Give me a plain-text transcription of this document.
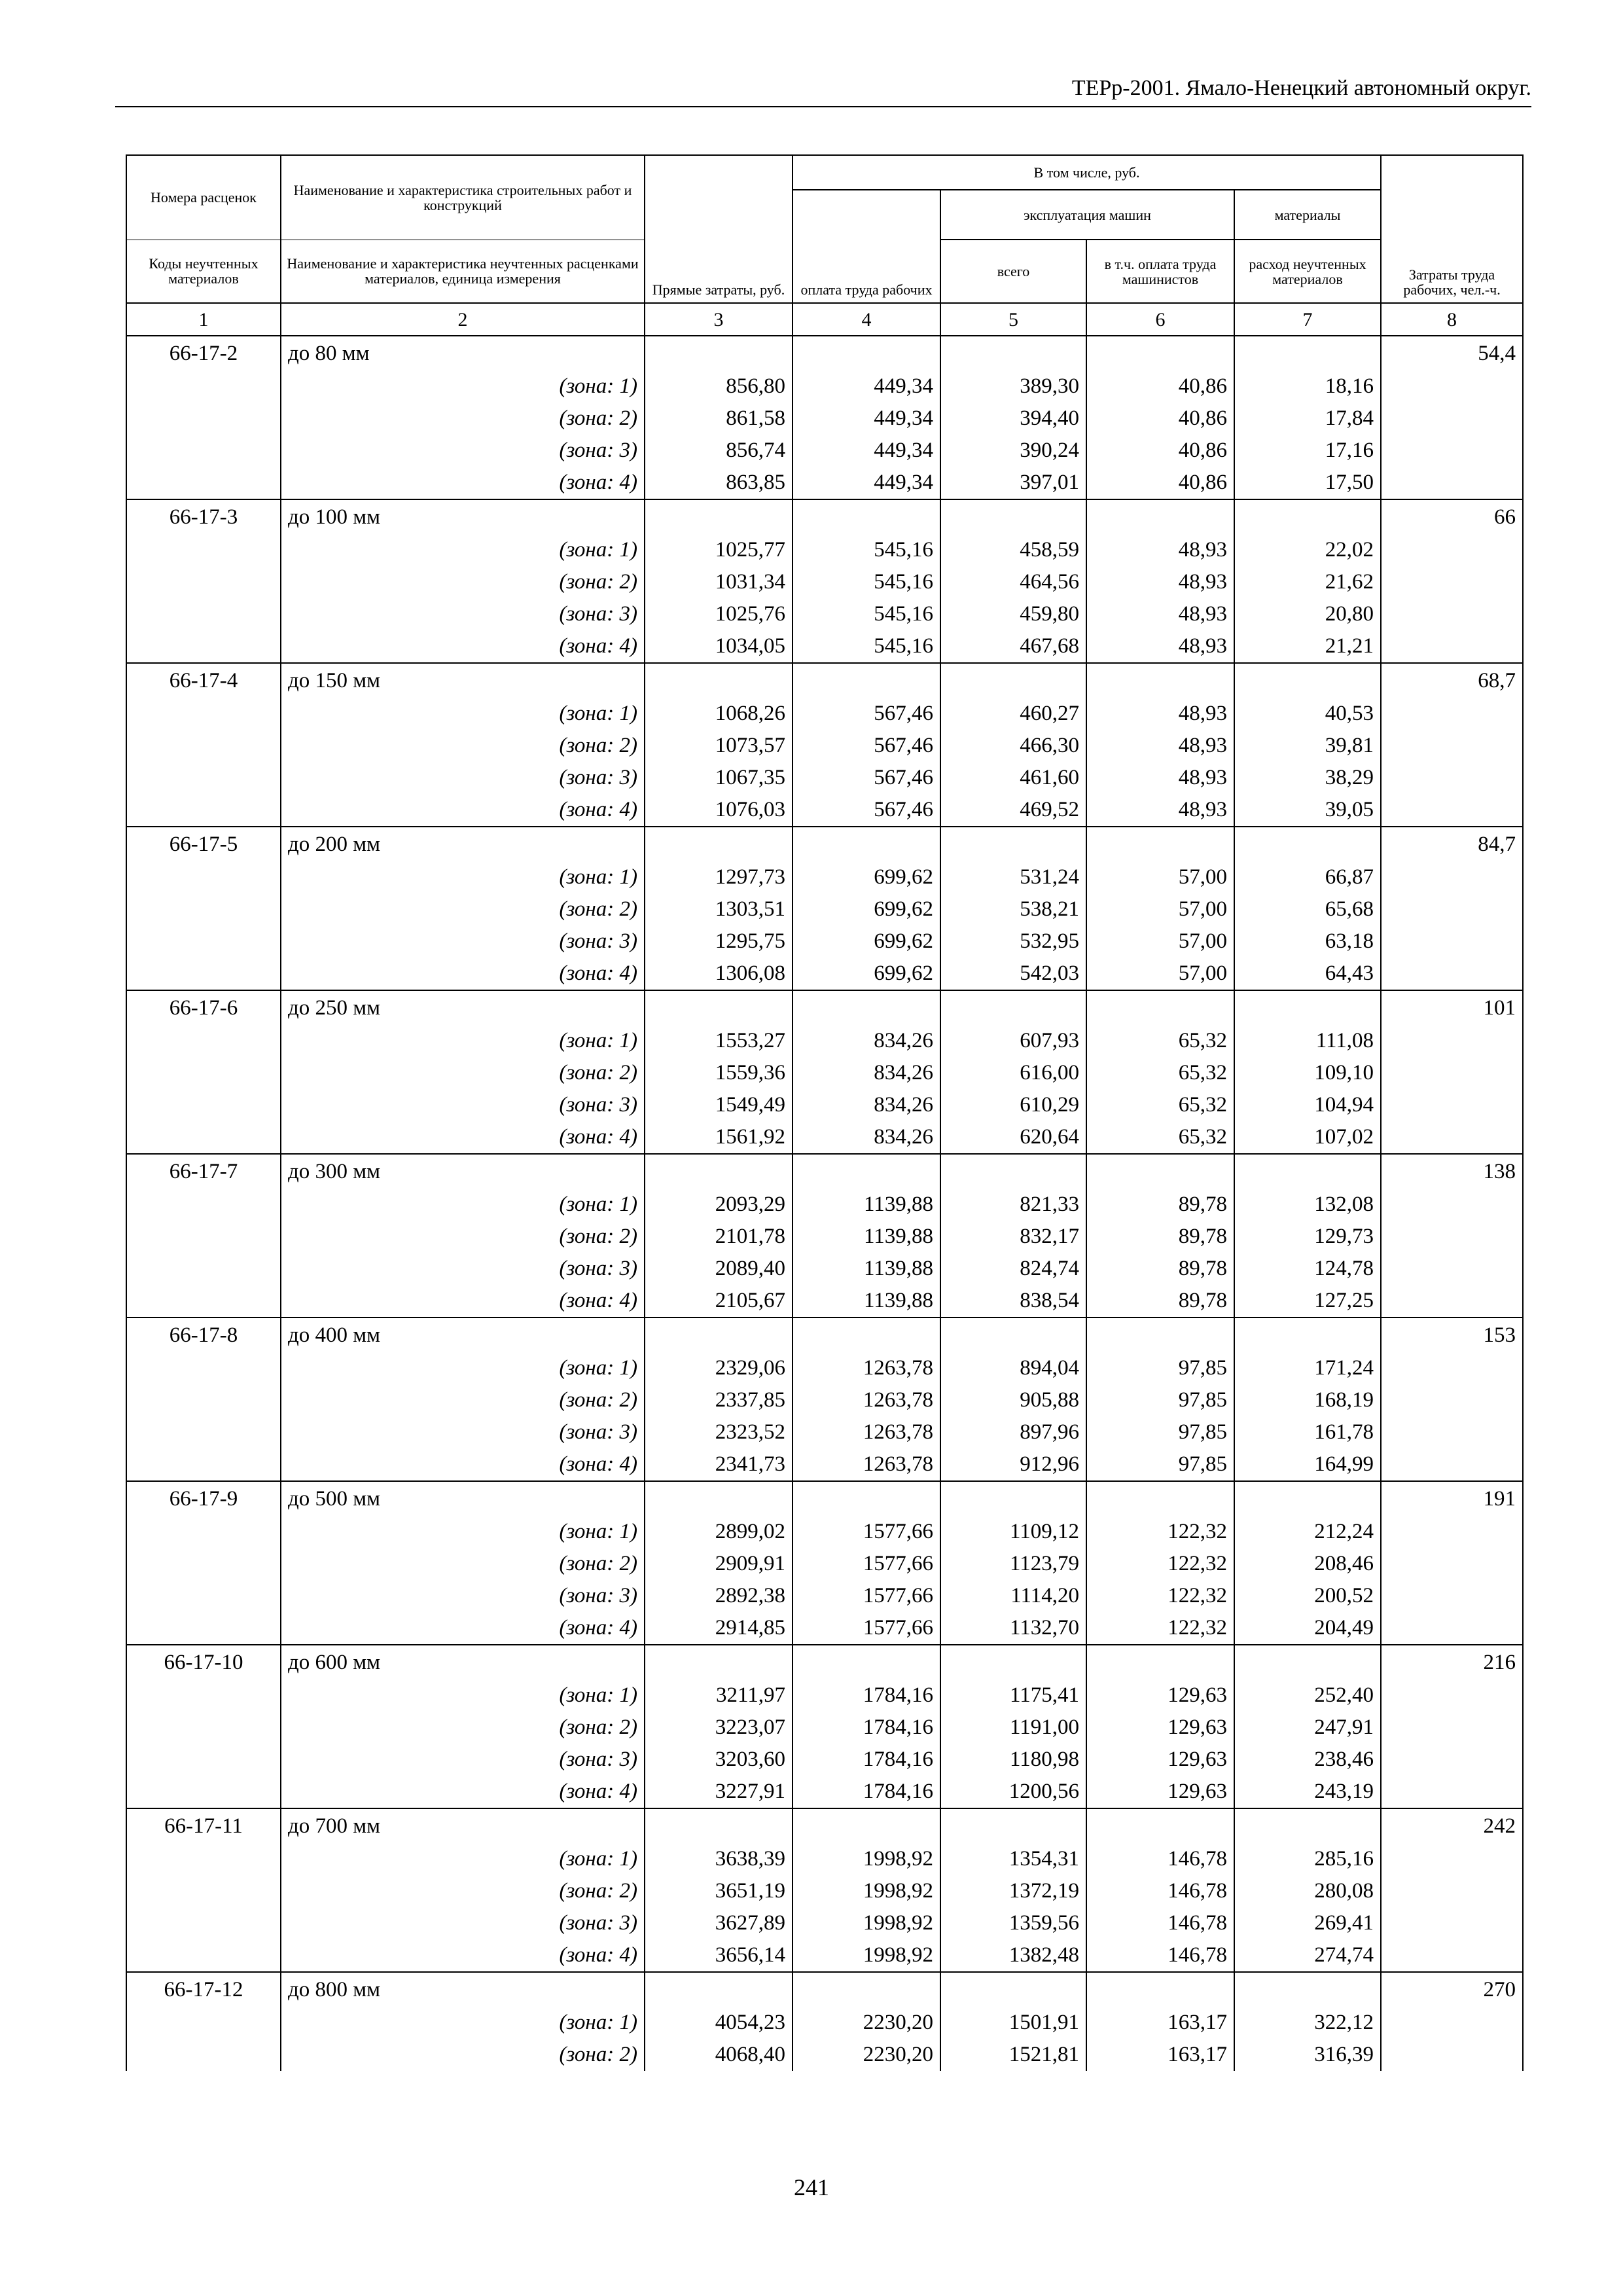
ТЕРр-2001. Ямало-Ненецкий автономный округ.
Номера расценок	Наименование и характеристика строительных работ и конструкций		В том числе, руб.				
				эксплуатация машин		материалы	
Коды неучтенных материалов	Наименование и характеристика неучтенных расценками материалов, единица измерения	Прямые затраты, руб.	оплата труда рабочих	всего	в т.ч. оплата труда машинистов	расход неучтенных материалов	Затраты труда рабочих, чел.-ч.
1	2	3	4	5	6	7	8
66-17-2	до 80 мм						54,4
	(зона: 1)	856,80	449,34	389,30	40,86	18,16	
	(зона: 2)	861,58	449,34	394,40	40,86	17,84	
	(зона: 3)	856,74	449,34	390,24	40,86	17,16	
	(зона: 4)	863,85	449,34	397,01	40,86	17,50	
66-17-3	до 100 мм						66
	(зона: 1)	1025,77	545,16	458,59	48,93	22,02	
	(зона: 2)	1031,34	545,16	464,56	48,93	21,62	
	(зона: 3)	1025,76	545,16	459,80	48,93	20,80	
	(зона: 4)	1034,05	545,16	467,68	48,93	21,21	
66-17-4	до 150 мм						68,7
	(зона: 1)	1068,26	567,46	460,27	48,93	40,53	
	(зона: 2)	1073,57	567,46	466,30	48,93	39,81	
	(зона: 3)	1067,35	567,46	461,60	48,93	38,29	
	(зона: 4)	1076,03	567,46	469,52	48,93	39,05	
66-17-5	до 200 мм						84,7
	(зона: 1)	1297,73	699,62	531,24	57,00	66,87	
	(зона: 2)	1303,51	699,62	538,21	57,00	65,68	
	(зона: 3)	1295,75	699,62	532,95	57,00	63,18	
	(зона: 4)	1306,08	699,62	542,03	57,00	64,43	
66-17-6	до 250 мм						101
	(зона: 1)	1553,27	834,26	607,93	65,32	111,08	
	(зона: 2)	1559,36	834,26	616,00	65,32	109,10	
	(зона: 3)	1549,49	834,26	610,29	65,32	104,94	
	(зона: 4)	1561,92	834,26	620,64	65,32	107,02	
66-17-7	до 300 мм						138
	(зона: 1)	2093,29	1139,88	821,33	89,78	132,08	
	(зона: 2)	2101,78	1139,88	832,17	89,78	129,73	
	(зона: 3)	2089,40	1139,88	824,74	89,78	124,78	
	(зона: 4)	2105,67	1139,88	838,54	89,78	127,25	
66-17-8	до 400 мм						153
	(зона: 1)	2329,06	1263,78	894,04	97,85	171,24	
	(зона: 2)	2337,85	1263,78	905,88	97,85	168,19	
	(зона: 3)	2323,52	1263,78	897,96	97,85	161,78	
	(зона: 4)	2341,73	1263,78	912,96	97,85	164,99	
66-17-9	до 500 мм						191
	(зона: 1)	2899,02	1577,66	1109,12	122,32	212,24	
	(зона: 2)	2909,91	1577,66	1123,79	122,32	208,46	
	(зона: 3)	2892,38	1577,66	1114,20	122,32	200,52	
	(зона: 4)	2914,85	1577,66	1132,70	122,32	204,49	
66-17-10	до 600 мм						216
	(зона: 1)	3211,97	1784,16	1175,41	129,63	252,40	
	(зона: 2)	3223,07	1784,16	1191,00	129,63	247,91	
	(зона: 3)	3203,60	1784,16	1180,98	129,63	238,46	
	(зона: 4)	3227,91	1784,16	1200,56	129,63	243,19	
66-17-11	до 700 мм						242
	(зона: 1)	3638,39	1998,92	1354,31	146,78	285,16	
	(зона: 2)	3651,19	1998,92	1372,19	146,78	280,08	
	(зона: 3)	3627,89	1998,92	1359,56	146,78	269,41	
	(зона: 4)	3656,14	1998,92	1382,48	146,78	274,74	
66-17-12	до 800 мм						270
	(зона: 1)	4054,23	2230,20	1501,91	163,17	322,12	
	(зона: 2)	4068,40	2230,20	1521,81	163,17	316,39	
241
